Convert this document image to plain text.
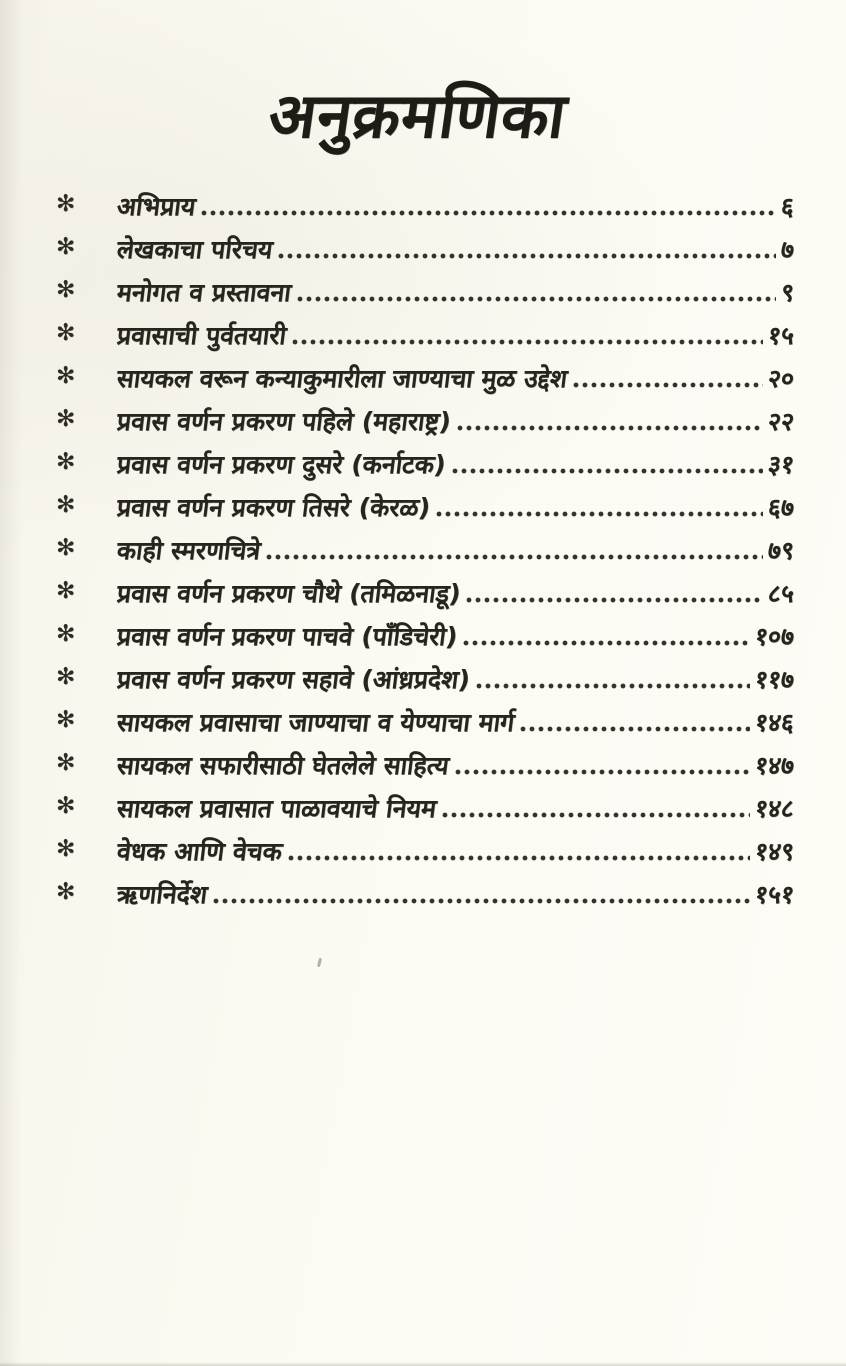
अनुक्रमणिका
✻	अभिप्राय	६
✻	लेखकाचा परिचय	७
✻	मनोगत व प्रस्तावना	९
✻	प्रवासाची पुर्वतयारी	१५
✻	सायकल वरून कन्याकुमारीला जाण्याचा मुळ उद्देश	२०
✻	प्रवास वर्णन प्रकरण पहिले (महाराष्ट्र)	२२
✻	प्रवास वर्णन प्रकरण दुसरे (कर्नाटक)	३१
✻	प्रवास वर्णन प्रकरण तिसरे (केरळ)	६७
✻	काही स्मरणचित्रे	७९
✻	प्रवास वर्णन प्रकरण चौथे (तमिळनाडू)	८५
✻	प्रवास वर्णन प्रकरण पाचवे (पाँडिचेरी)	१०७
✻	प्रवास वर्णन प्रकरण सहावे (आंध्रप्रदेश)	११७
✻	सायकल प्रवासाचा जाण्याचा व येण्याचा मार्ग	१४६
✻	सायकल सफारीसाठी घेतलेले साहित्य	१४७
✻	सायकल प्रवासात पाळावयाचे नियम	१४८
✻	वेधक आणि वेचक	१४९
✻	ऋणनिर्देश	१५१
